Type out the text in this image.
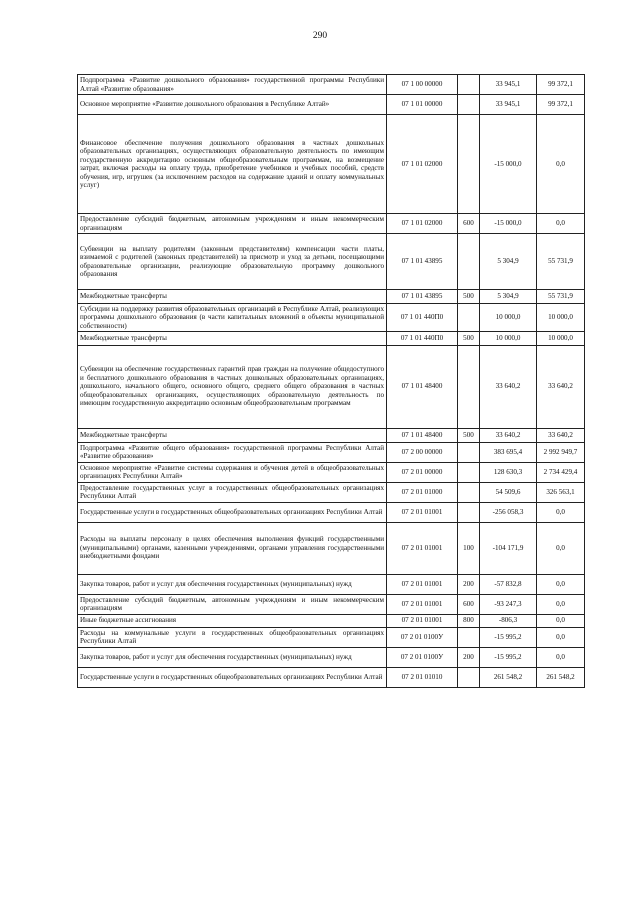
290
Подпрограмма «Развитие дошкольного образования» государственной программы Республики Алтай «Развитие образования»	07 1 00 00000		33 945,1	99 372,1
Основное мероприятие «Развитие дошкольного образования в Республике Алтай»	07 1 01 00000		33 945,1	99 372,1
Финансовое обеспечение получения дошкольного образования в частных дошкольных образовательных организациях, осуществляющих образовательную деятельность по имеющим государственную аккредитацию основным общеобразовательным программам, на возмещение затрат, включая расходы на оплату труда, приобретение учебников и учебных пособий, средств обучения, игр, игрушек (за исключением расходов на содержание зданий и оплату коммунальных услуг)	07 1 01 02000		-15 000,0	0,0
Предоставление субсидий бюджетным, автономным учреждениям и иным некоммерческим организациям	07 1 01 02000	600	-15 000,0	0,0
Субвенции на выплату родителям (законным представителям) компенсации части платы, взимаемой с родителей (законных представителей) за присмотр и уход за детьми, посещающими образовательные организации, реализующие образовательную программу дошкольного образования	07 1 01 43895		5 304,9	55 731,9
Межбюджетные трансферты	07 1 01 43895	500	5 304,9	55 731,9
Субсидии на поддержку развития образовательных организаций в Республике Алтай, реализующих программы дошкольного образования (в части капитальных вложений в объекты муниципальной собственности)	07 1 01 440П0		10 000,0	10 000,0
Межбюджетные трансферты	07 1 01 440П0	500	10 000,0	10 000,0
Субвенции на обеспечение государственных гарантий прав граждан на получение общедоступного и бесплатного дошкольного образования в частных дошкольных образовательных организациях, дошкольного, начального общего, основного общего, среднего общего образования в частных общеобразовательных организациях, осуществляющих образовательную деятельность по имеющим государственную аккредитацию основным общеобразовательным программам	07 1 01 48400		33 640,2	33 640,2
Межбюджетные трансферты	07 1 01 48400	500	33 640,2	33 640,2
Подпрограмма «Развитие общего образования» государственной программы Республики Алтай «Развитие образования»	07 2 00 00000		383 695,4	2 992 949,7
Основное мероприятие «Развитие системы содержания и обучения детей в общеобразовательных организациях Республики Алтай»	07 2 01 00000		128 630,3	2 734 429,4
Предоставление государственных услуг в государственных общеобразовательных организациях Республики Алтай	07 2 01 01000		54 509,6	326 563,1
Государственные услуги в государственных общеобразовательных организациях Республики Алтай	07 2 01 01001		-256 058,3	0,0
Расходы на выплаты персоналу в целях обеспечения выполнения функций государственными (муниципальными) органами, казенными учреждениями, органами управления государственными внебюджетными фондами	07 2 01 01001	100	-104 171,9	0,0
Закупка товаров, работ и услуг для обеспечения государственных (муниципальных) нужд	07 2 01 01001	200	-57 832,8	0,0
Предоставление субсидий бюджетным, автономным учреждениям и иным некоммерческим организациям	07 2 01 01001	600	-93 247,3	0,0
Иные бюджетные ассигнования	07 2 01 01001	800	-806,3	0,0
Расходы на коммунальные услуги в государственных общеобразовательных организациях Республики Алтай	07 2 01 0100У		-15 995,2	0,0
Закупка товаров, работ и услуг для обеспечения государственных (муниципальных) нужд	07 2 01 0100У	200	-15 995,2	0,0
Государственные услуги в государственных общеобразовательных организациях Республики Алтай	07 2 01 01010		261 548,2	261 548,2
